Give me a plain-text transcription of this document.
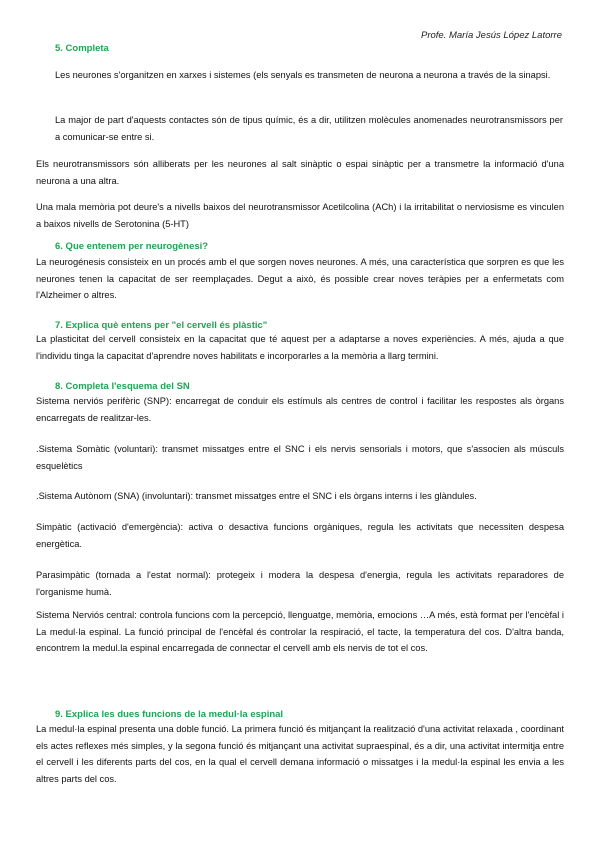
Profe. María Jesús López Latorre
5. Completa

Les neurones s'organitzen en xarxes i sistemes (els senyals es transmeten de neurona a neurona a través de la sinapsi.

La major de part d'aquests contactes són de tipus químic, és a dir, utilitzen molècules anomenades neurotransmissors per a comunicar-se entre si.

Els neurotransmissors són alliberats per les neurones al salt sinàptic o espai sinàptic per a transmetre la informació d'una neurona a una altra.

Una mala memòria pot deure's a nivells baixos del neurotransmissor Acetilcolina (ACh) i la irritabilitat o nerviosisme es vinculen a baixos nivells de Serotonina (5-HT)

6. Que entenem per neurogènesi?

La neurogénesis consisteix en un procés amb el que sorgen noves neurones. A més, una característica que sorpren es que les neurones tenen la capacitat de ser reemplaçades. Degut a això, és possible crear noves teràpies per a enfermetats com l'Alzheimer o altres.

7. Explica què entens per "el cervell és plàstic"

La plasticitat del cervell consisteix en la capacitat que té aquest per a adaptarse a noves experiències. A més, ajuda a que l'individu tinga la capacitat d'aprendre noves habilitats e incorporarles a la memòria a llarg termini.

8. Completa l'esquema del SN

Sistema nerviós perifèric (SNP): encarregat de conduir els estímuls als centres de control i facilitar les respostes als òrgans encarregats de realitzar-les.

.Sistema Somàtic (voluntari): transmet missatges entre el SNC i els nervis sensorials i motors, que s'associen als músculs esquelètics

.Sistema Autònom (SNA) (involuntari): transmet missatges entre el SNC i els òrgans interns i les glàndules.

Simpàtic (activació d'emergència): activa o desactiva funcions orgàniques, regula les activitats que necessiten despesa energètica.

Parasimpàtic (tornada a l'estat normal): protegeix i modera la despesa d'energia, regula les activitats reparadores de l'organisme humà.

Sistema Nerviós central: controla funcions com la percepció, llenguatge, memòria, emocions …A més, està format per l'encèfal i La medul·la espinal. La funció principal de l'encèfal és controlar la respiració, el tacte, la temperatura del cos. D'altra banda, encontrem la medul.la espinal encarregada de connectar el cervell amb els nervis de tot el cos.

9. Explica les dues funcions de la medul·la espinal

La medul·la espinal presenta una doble funció. La primera funció és mitjançant la realització d'una activitat relaxada , coordinant els actes reflexes més simples, y la segona funció és mitjançant una activitat supraespinal, és a dir, una activitat intermitja entre el cervell i les diferents parts del cos, en la qual el cervell demana informació o missatges i la medul·la espinal les envia a les altres parts del cos.
